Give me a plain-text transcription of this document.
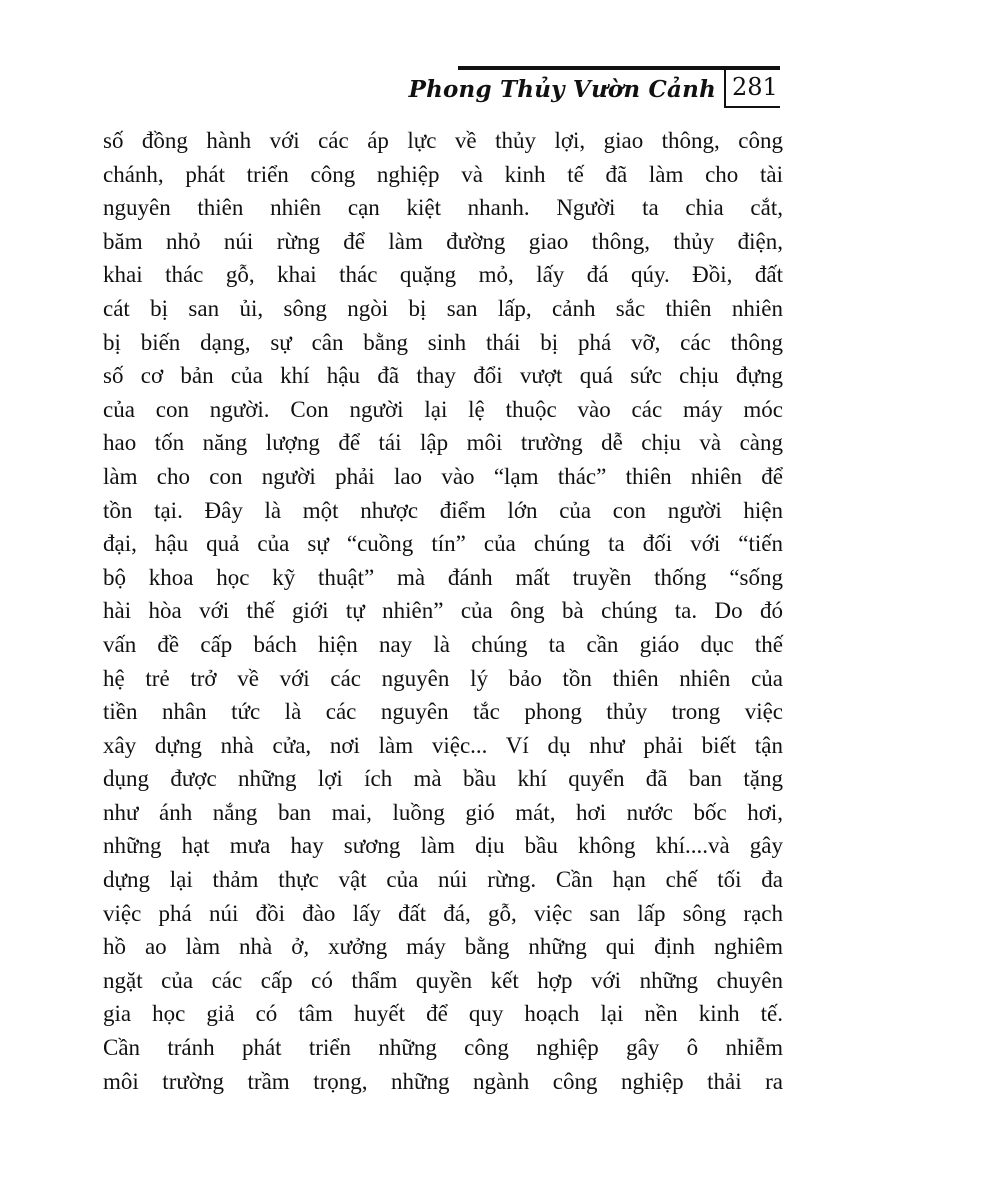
Phong Thủy Vườn Cảnh 281
số đồng hành với các áp lực về thủy lợi, giao thông, công
chánh, phát triển công nghiệp và kinh tế đã làm cho tài
nguyên thiên nhiên cạn kiệt nhanh. Người ta chia cắt,
băm nhỏ núi rừng để làm đường giao thông, thủy điện,
khai thác gỗ, khai thác quặng mỏ, lấy đá qúy. Đồi, đất
cát bị san ủi, sông ngòi bị san lấp, cảnh sắc thiên nhiên
bị biến dạng, sự cân bằng sinh thái bị phá vỡ, các thông
số cơ bản của khí hậu đã thay đổi vượt quá sức chịu đựng
của con người. Con người lại lệ thuộc vào các máy móc
hao tốn năng lượng để tái lập môi trường dễ chịu và càng
làm cho con người phải lao vào “lạm thác” thiên nhiên để
tồn tại. Đây là một nhược điểm lớn của con người hiện
đại, hậu quả của sự “cuồng tín” của chúng ta đối với “tiến
bộ khoa học kỹ thuật” mà đánh mất truyền thống “sống
hài hòa với thế giới tự nhiên” của ông bà chúng ta. Do đó
vấn đề cấp bách hiện nay là chúng ta cần giáo dục thế
hệ trẻ trở về với các nguyên lý bảo tồn thiên nhiên của
tiền nhân tức là các nguyên tắc phong thủy trong việc
xây dựng nhà cửa, nơi làm việc... Ví dụ như phải biết tận
dụng được những lợi ích mà bầu khí quyển đã ban tặng
như ánh nắng ban mai, luồng gió mát, hơi nước bốc hơi,
những hạt mưa hay sương làm dịu bầu không khí....và gây
dựng lại thảm thực vật của núi rừng. Cần hạn chế tối đa
việc phá núi đồi đào lấy đất đá, gỗ, việc san lấp sông rạch
hồ ao làm nhà ở, xưởng máy bằng những qui định nghiêm
ngặt của các cấp có thẩm quyền kết hợp với những chuyên
gia học giả có tâm huyết để quy hoạch lại nền kinh tế.
Cần tránh phát triển những công nghiệp gây ô nhiễm
môi trường trầm trọng, những ngành công nghiệp thải ra
